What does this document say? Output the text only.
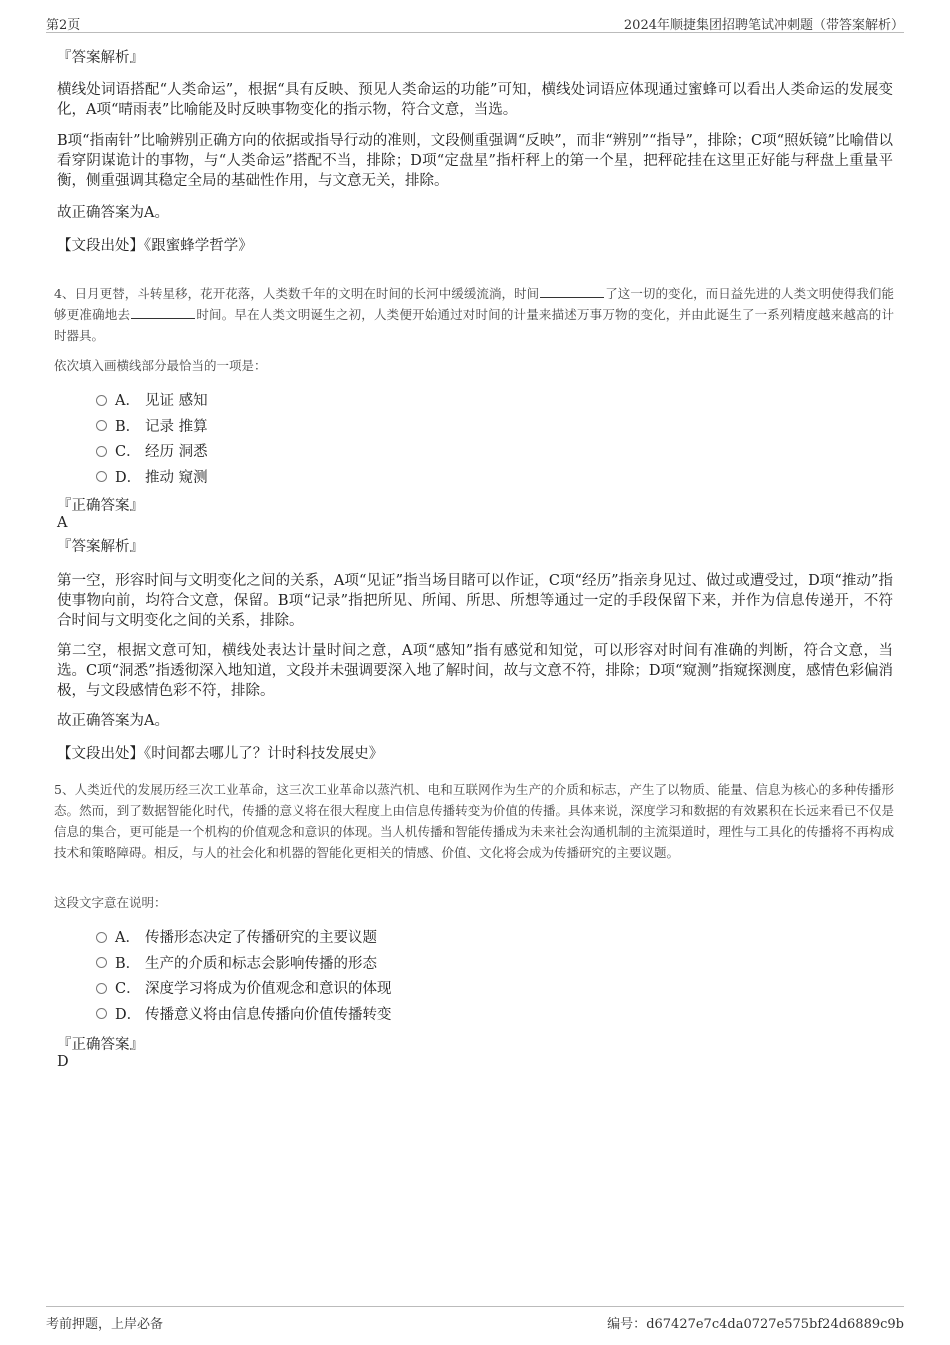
第2页	2024年顺捷集团招聘笔试冲刺题（带答案解析）
『答案解析』
横线处词语搭配“人类命运”，根据“具有反映、预见人类命运的功能”可知，横线处词语应体现通过蜜蜂可以看出人类命运的发展变化，A项“晴雨表”比喻能及时反映事物变化的指示物，符合文意，当选。
B项“指南针”比喻辨别正确方向的依据或指导行动的准则，文段侧重强调“反映”，而非“辨别”“指导”，排除；C项“照妖镜”比喻借以看穿阴谋诡计的事物，与“人类命运”搭配不当，排除；D项“定盘星”指杆秤上的第一个星，把秤砣挂在这里正好能与秤盘上重量平衡，侧重强调其稳定全局的基础性作用，与文意无关，排除。
故正确答案为A。
【文段出处】《跟蜜蜂学哲学》
4、日月更替，斗转星移，花开花落，人类数千年的文明在时间的长河中缓缓流淌，时间	了这一切的变化，而日益先进的人类文明使得我们能够更准确地去	时间。早在人类文明诞生之初，人类便开始通过对时间的计量来描述万事万物的变化，并由此诞生了一系列精度越来越高的计时器具。
依次填入画横线部分最恰当的一项是：
A． 见证 感知
B． 记录 推算
C． 经历 洞悉
D． 推动 窥测
『正确答案』
A
『答案解析』
第一空，形容时间与文明变化之间的关系，A项“见证”指当场目睹可以作证，C项“经历”指亲身见过、做过或遭受过，D项“推动”指使事物向前，均符合文意，保留。B项“记录”指把所见、所闻、所思、所想等通过一定的手段保留下来，并作为信息传递开，不符合时间与文明变化之间的关系，排除。
第二空，根据文意可知，横线处表达计量时间之意，A项“感知”指有感觉和知觉，可以形容对时间有准确的判断，符合文意，当选。C项“洞悉”指透彻深入地知道，文段并未强调要深入地了解时间，故与文意不符，排除；D项“窥测”指窥探测度，感情色彩偏消极，与文段感情色彩不符，排除。
故正确答案为A。
【文段出处】《时间都去哪儿了？计时科技发展史》
5、人类近代的发展历经三次工业革命，这三次工业革命以蒸汽机、电和互联网作为生产的介质和标志，产生了以物质、能量、信息为核心的多种传播形态。然而，到了数据智能化时代，传播的意义将在很大程度上由信息传播转变为价值的传播。具体来说，深度学习和数据的有效累积在长远来看已不仅是信息的集合，更可能是一个机构的价值观念和意识的体现。当人机传播和智能传播成为未来社会沟通机制的主流渠道时，理性与工具化的传播将不再构成技术和策略障碍。相反，与人的社会化和机器的智能化更相关的情感、价值、文化将会成为传播研究的主要议题。
这段文字意在说明：
A． 传播形态决定了传播研究的主要议题
B． 生产的介质和标志会影响传播的形态
C． 深度学习将成为价值观念和意识的体现
D． 传播意义将由信息传播向价值传播转变
『正确答案』
D
考前押题，上岸必备	编号：d67427e7c4da0727e575bf24d6889c9b
